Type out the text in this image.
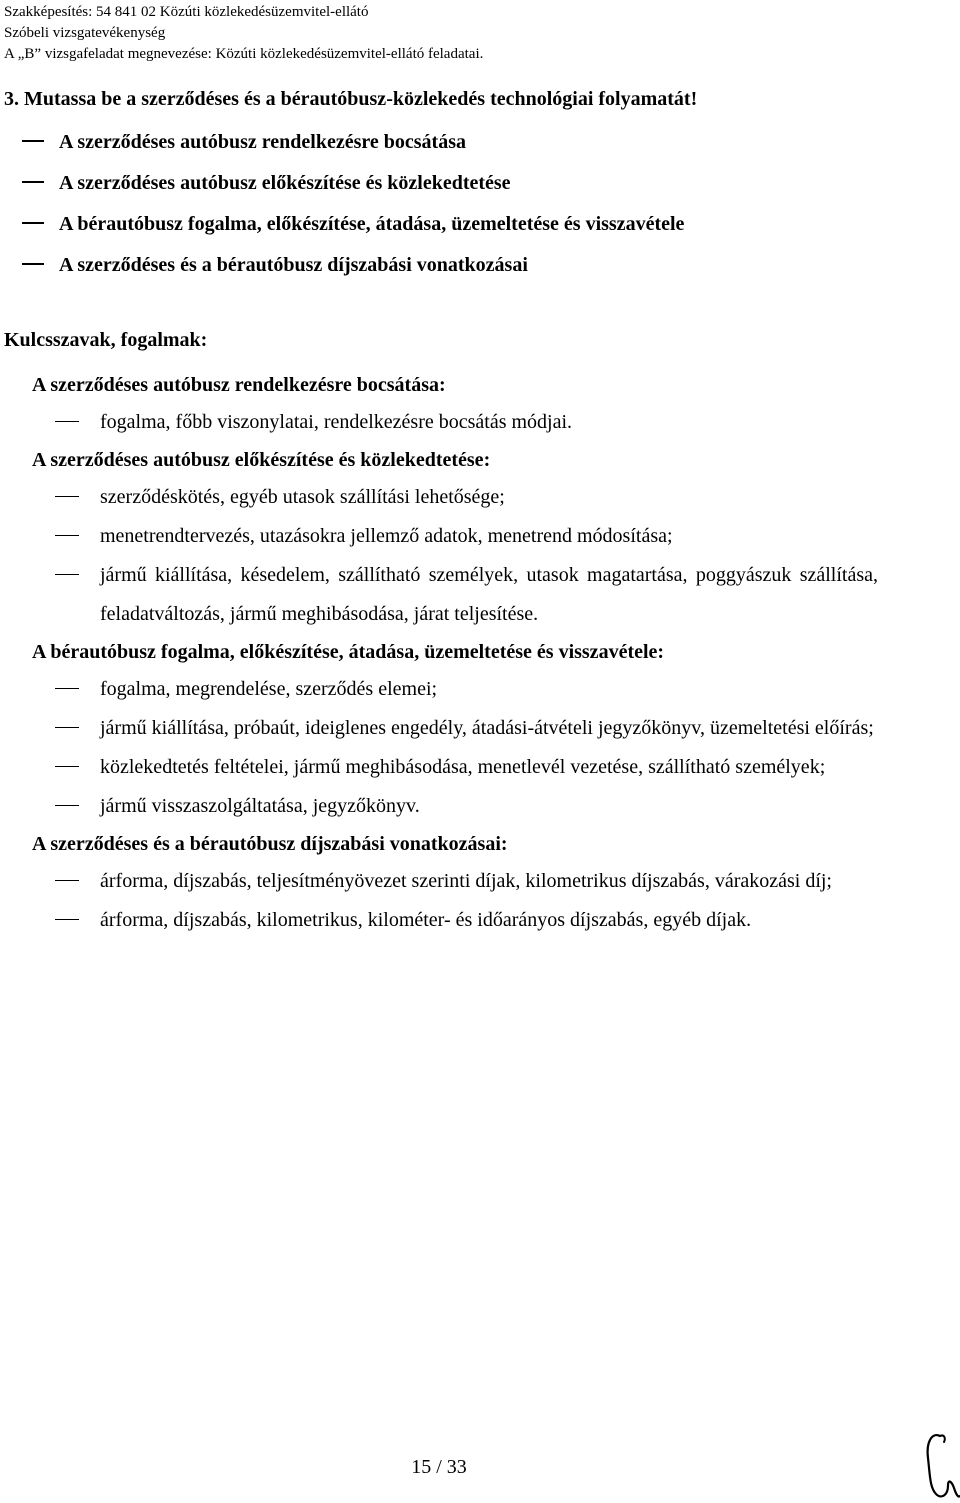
Szakképesítés: 54 841 02 Közúti közlekedésüzemvitel-ellátó
Szóbeli vizsgatevékenység
A „B” vizsgafeladat megnevezése: Közúti közlekedésüzemvitel-ellátó feladatai.
3. Mutassa be a szerződéses és a bérautóbusz-közlekedés technológiai folyamatát!
A szerződéses autóbusz rendelkezésre bocsátása
A szerződéses autóbusz előkészítése és közlekedtetése
A bérautóbusz fogalma, előkészítése, átadása, üzemeltetése és visszavétele
A szerződéses és a bérautóbusz díjszabási vonatkozásai
Kulcsszavak, fogalmak:
A szerződéses autóbusz rendelkezésre bocsátása:
fogalma, főbb viszonylatai, rendelkezésre bocsátás módjai.
A szerződéses autóbusz előkészítése és közlekedtetése:
szerződéskötés, egyéb utasok szállítási lehetősége;
menetrendtervezés, utazásokra jellemző adatok, menetrend módosítása;
jármű kiállítása, késedelem, szállítható személyek, utasok magatartása, poggyászuk szállítása, feladatváltozás, jármű meghibásodása, járat teljesítése.
A bérautóbusz fogalma, előkészítése, átadása, üzemeltetése és visszavétele:
fogalma, megrendelése, szerződés elemei;
jármű kiállítása, próbaút, ideiglenes engedély, átadási-átvételi jegyzőkönyv, üzemeltetési előírás;
közlekedtetés feltételei, jármű meghibásodása, menetlevél vezetése, szállítható személyek;
jármű visszaszolgáltatása, jegyzőkönyv.
A szerződéses és a bérautóbusz díjszabási vonatkozásai:
árforma, díjszabás, teljesítményövezet szerinti díjak, kilometrikus díjszabás, várakozási díj;
árforma, díjszabás, kilometrikus, kilométer- és időarányos díjszabás, egyéb díjak.
15 / 33
